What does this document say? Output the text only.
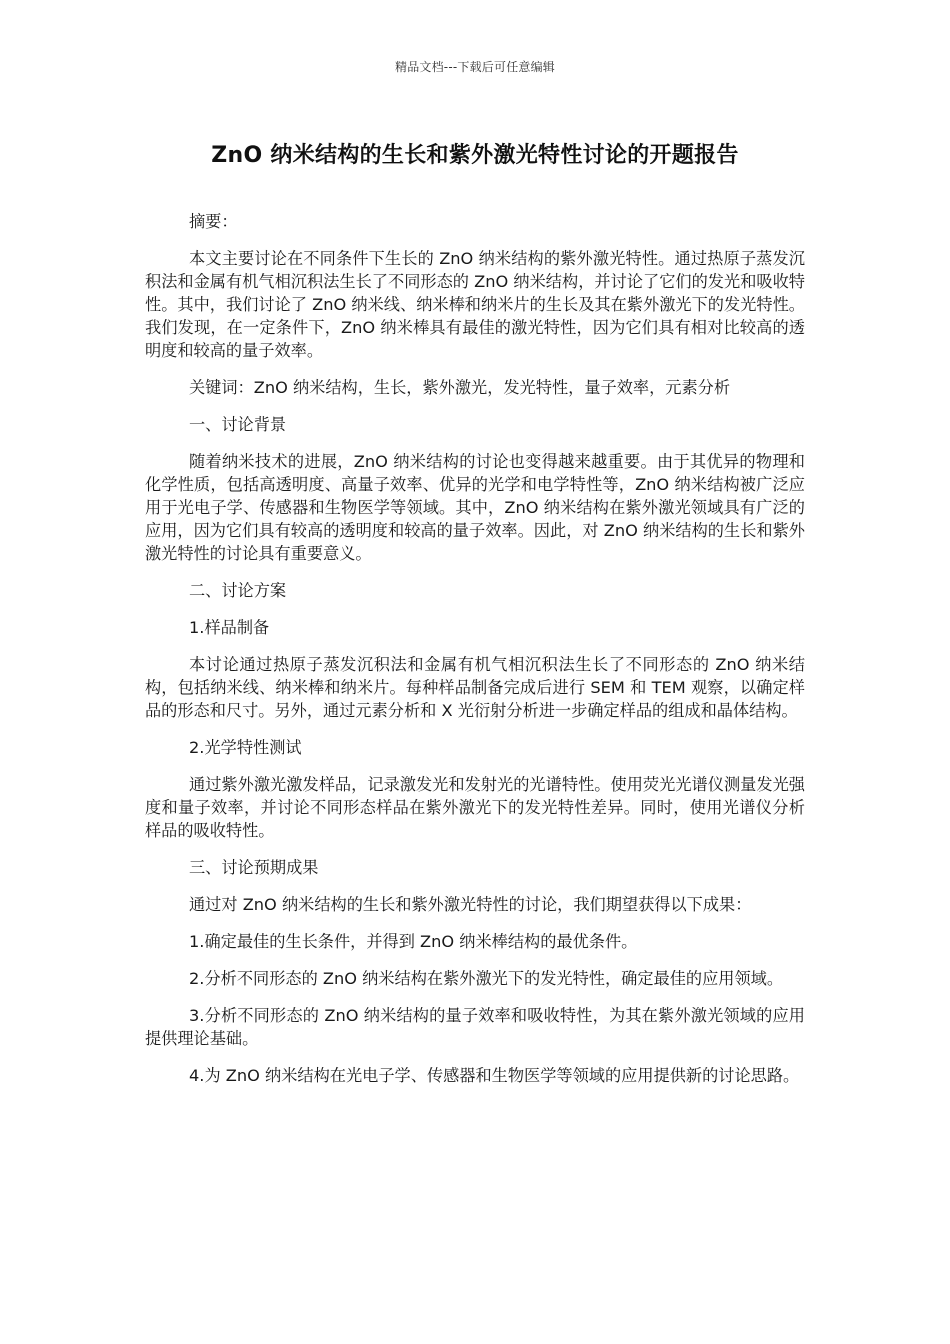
精品文档---下载后可任意编辑
ZnO 纳米结构的生长和紫外激光特性讨论的开题报告

摘要：

本文主要讨论在不同条件下生长的 ZnO 纳米结构的紫外激光特性。通过热原子蒸发沉积法和金属有机气相沉积法生长了不同形态的 ZnO 纳米结构，并讨论了它们的发光和吸收特性。其中，我们讨论了 ZnO 纳米线、纳米棒和纳米片的生长及其在紫外激光下的发光特性。我们发现，在一定条件下，ZnO 纳米棒具有最佳的激光特性，因为它们具有相对比较高的透明度和较高的量子效率。

关键词：ZnO 纳米结构，生长，紫外激光，发光特性，量子效率，元素分析

一、讨论背景

随着纳米技术的进展，ZnO 纳米结构的讨论也变得越来越重要。由于其优异的物理和化学性质，包括高透明度、高量子效率、优异的光学和电学特性等，ZnO 纳米结构被广泛应用于光电子学、传感器和生物医学等领域。其中，ZnO 纳米结构在紫外激光领域具有广泛的应用，因为它们具有较高的透明度和较高的量子效率。因此，对 ZnO 纳米结构的生长和紫外激光特性的讨论具有重要意义。

二、讨论方案

1.样品制备

本讨论通过热原子蒸发沉积法和金属有机气相沉积法生长了不同形态的 ZnO 纳米结构，包括纳米线、纳米棒和纳米片。每种样品制备完成后进行 SEM 和 TEM 观察，以确定样品的形态和尺寸。另外，通过元素分析和 X 光衍射分析进一步确定样品的组成和晶体结构。

2.光学特性测试

通过紫外激光激发样品，记录激发光和发射光的光谱特性。使用荧光光谱仪测量发光强度和量子效率，并讨论不同形态样品在紫外激光下的发光特性差异。同时，使用光谱仪分析样品的吸收特性。

三、讨论预期成果

通过对 ZnO 纳米结构的生长和紫外激光特性的讨论，我们期望获得以下成果：

1.确定最佳的生长条件，并得到 ZnO 纳米棒结构的最优条件。

2.分析不同形态的 ZnO 纳米结构在紫外激光下的发光特性，确定最佳的应用领域。

3.分析不同形态的 ZnO 纳米结构的量子效率和吸收特性，为其在紫外激光领域的应用提供理论基础。

4.为 ZnO 纳米结构在光电子学、传感器和生物医学等领域的应用提供新的讨论思路。
